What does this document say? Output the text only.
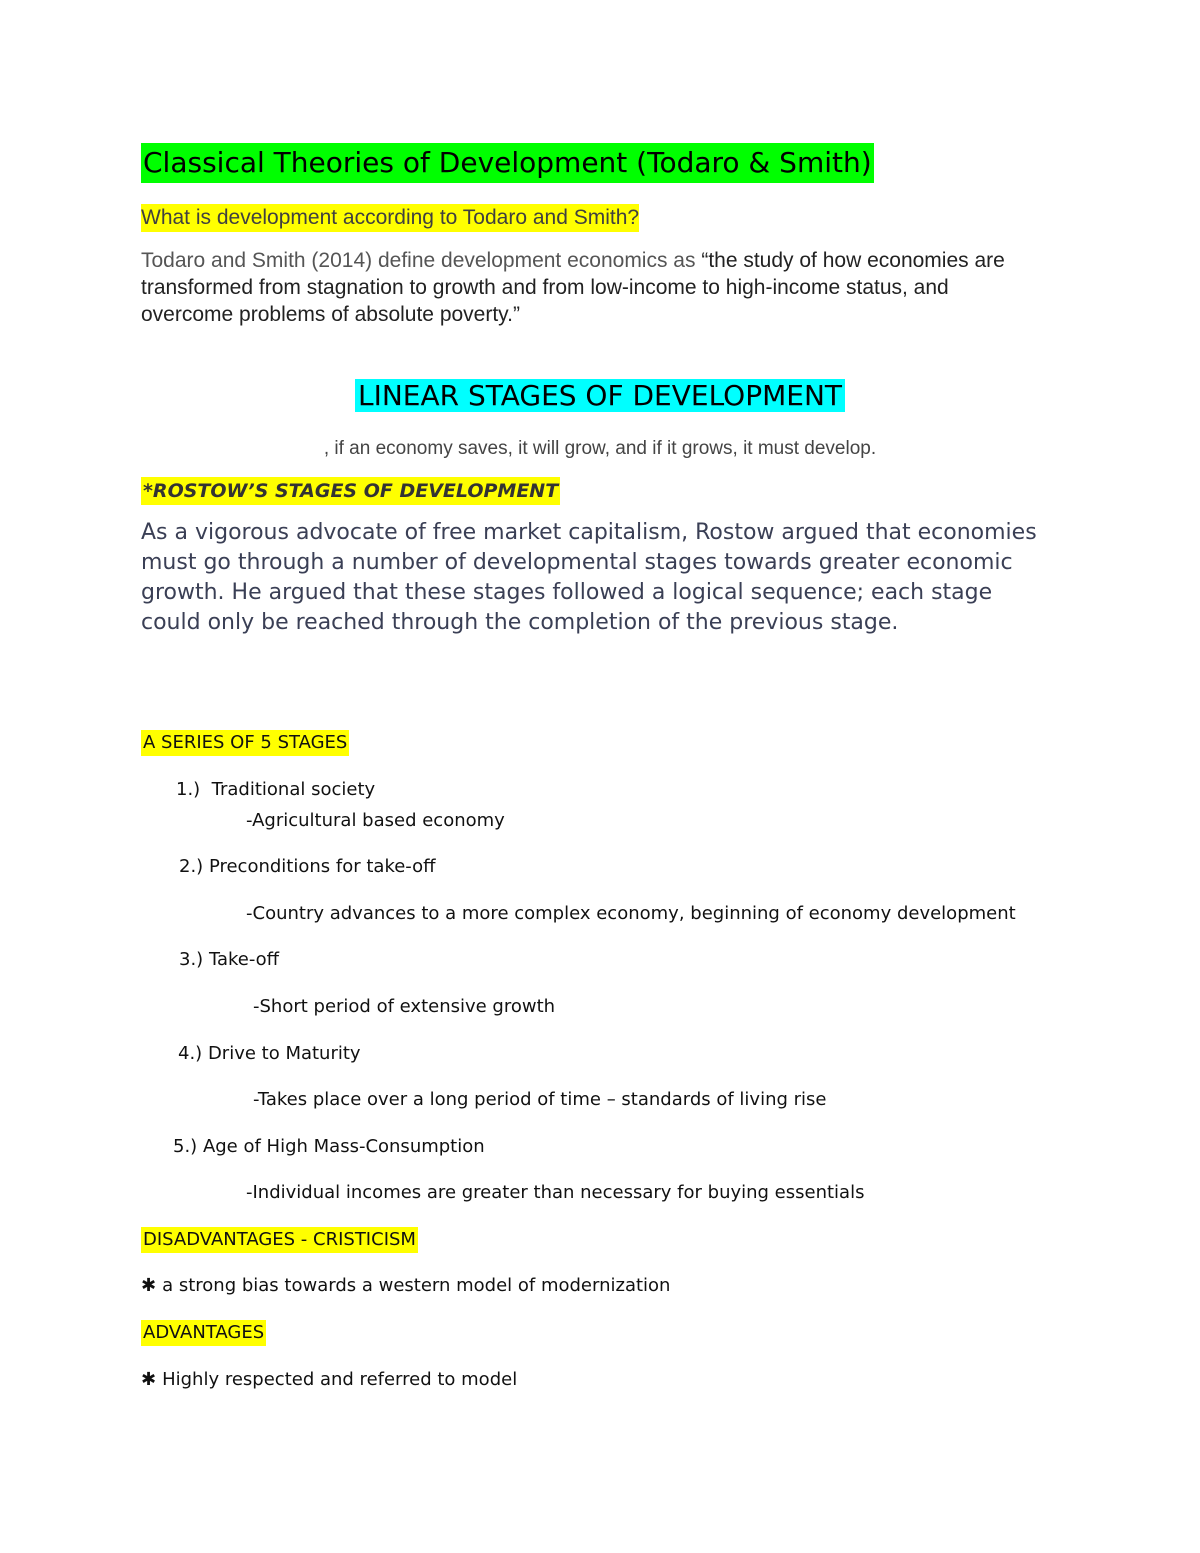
Classical Theories of Development (Todaro & Smith)
What is development according to Todaro and Smith?
Todaro and Smith (2014) define development economics as “the study of how economies are transformed from stagnation to growth and from low-income to high-income status, and overcome problems of absolute poverty.”
LINEAR STAGES OF DEVELOPMENT
, if an economy saves, it will grow, and if it grows, it must develop.
*ROSTOW’S STAGES OF DEVELOPMENT
As a vigorous advocate of free market capitalism, Rostow argued that economies must go through a number of developmental stages towards greater economic growth. He argued that these stages followed a logical sequence; each stage could only be reached through the completion of the previous stage.
A SERIES OF 5 STAGES
1.) Traditional society
-Agricultural based economy
2.) Preconditions for take-off
-Country advances to a more complex economy, beginning of economy development
3.) Take-off
-Short period of extensive growth
4.) Drive to Maturity
-Takes place over a long period of time – standards of living rise
5.) Age of High Mass-Consumption
-Individual incomes are greater than necessary for buying essentials
DISADVANTAGES - CRISTICISM
✱ a strong bias towards a western model of modernization
ADVANTAGES
✱ Highly respected and referred to model
